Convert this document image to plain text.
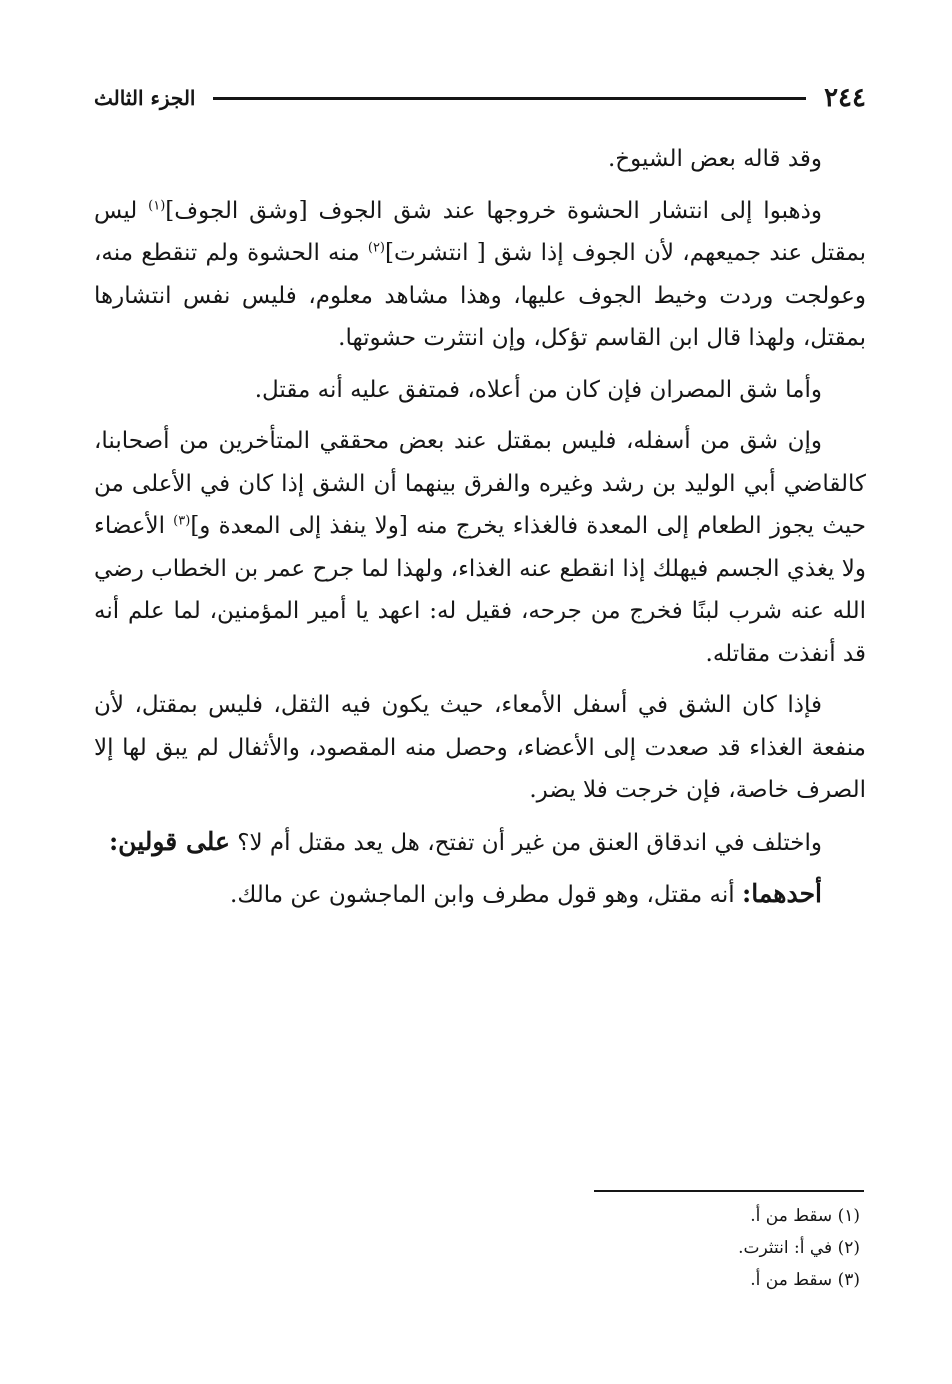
٢٤٤
الجزء الثالث

وقد قاله بعض الشيوخ.

وذهبوا إلى انتشار الحشوة خروجها عند شق الجوف [وشق الجوف]$^{(١)}$ ليس بمقتل عند جميعهم، لأن الجوف إذا شق [ انتشرت]$^{(٢)}$ منه الحشوة ولم تنقطع منه، وعولجت وردت وخيط الجوف عليها، وهذا مشاهد معلوم، فليس نفس انتشارها بمقتل، ولهذا قال ابن القاسم تؤكل، وإن انتثرت حشوتها.

وأما شق المصران فإن كان من أعلاه، فمتفق عليه أنه مقتل.

وإن شق من أسفله، فليس بمقتل عند بعض محققي المتأخرين من أصحابنا، كالقاضي أبي الوليد بن رشد وغيره والفرق بينهما أن الشق إذا كان في الأعلى من حيث يجوز الطعام إلى المعدة فالغذاء يخرج منه [ولا ينفذ إلى المعدة و]$^{(٣)}$ الأعضاء ولا يغذي الجسم فيهلك إذا انقطع عنه الغذاء، ولهذا لما جرح عمر بن الخطاب رضي الله عنه شرب لبنًا فخرج من جرحه، فقيل له: اعهد يا أمير المؤمنين، لما علم أنه قد أنفذت مقاتله.

فإذا كان الشق في أسفل الأمعاء، حيث يكون فيه الثقل، فليس بمقتل، لأن منفعة الغذاء قد صعدت إلى الأعضاء، وحصل منه المقصود، والأثفال لم يبق لها إلا الصرف خاصة، فإن خرجت فلا يضر.

واختلف في اندقاق العنق من غير أن تفتح، هل يعد مقتل أم لا؟ على قولين:

أحدهما: أنه مقتل، وهو قول مطرف وابن الماجشون عن مالك.

(١) سقط من أ.
(٢) في أ: انتثرت.
(٣) سقط من أ.
